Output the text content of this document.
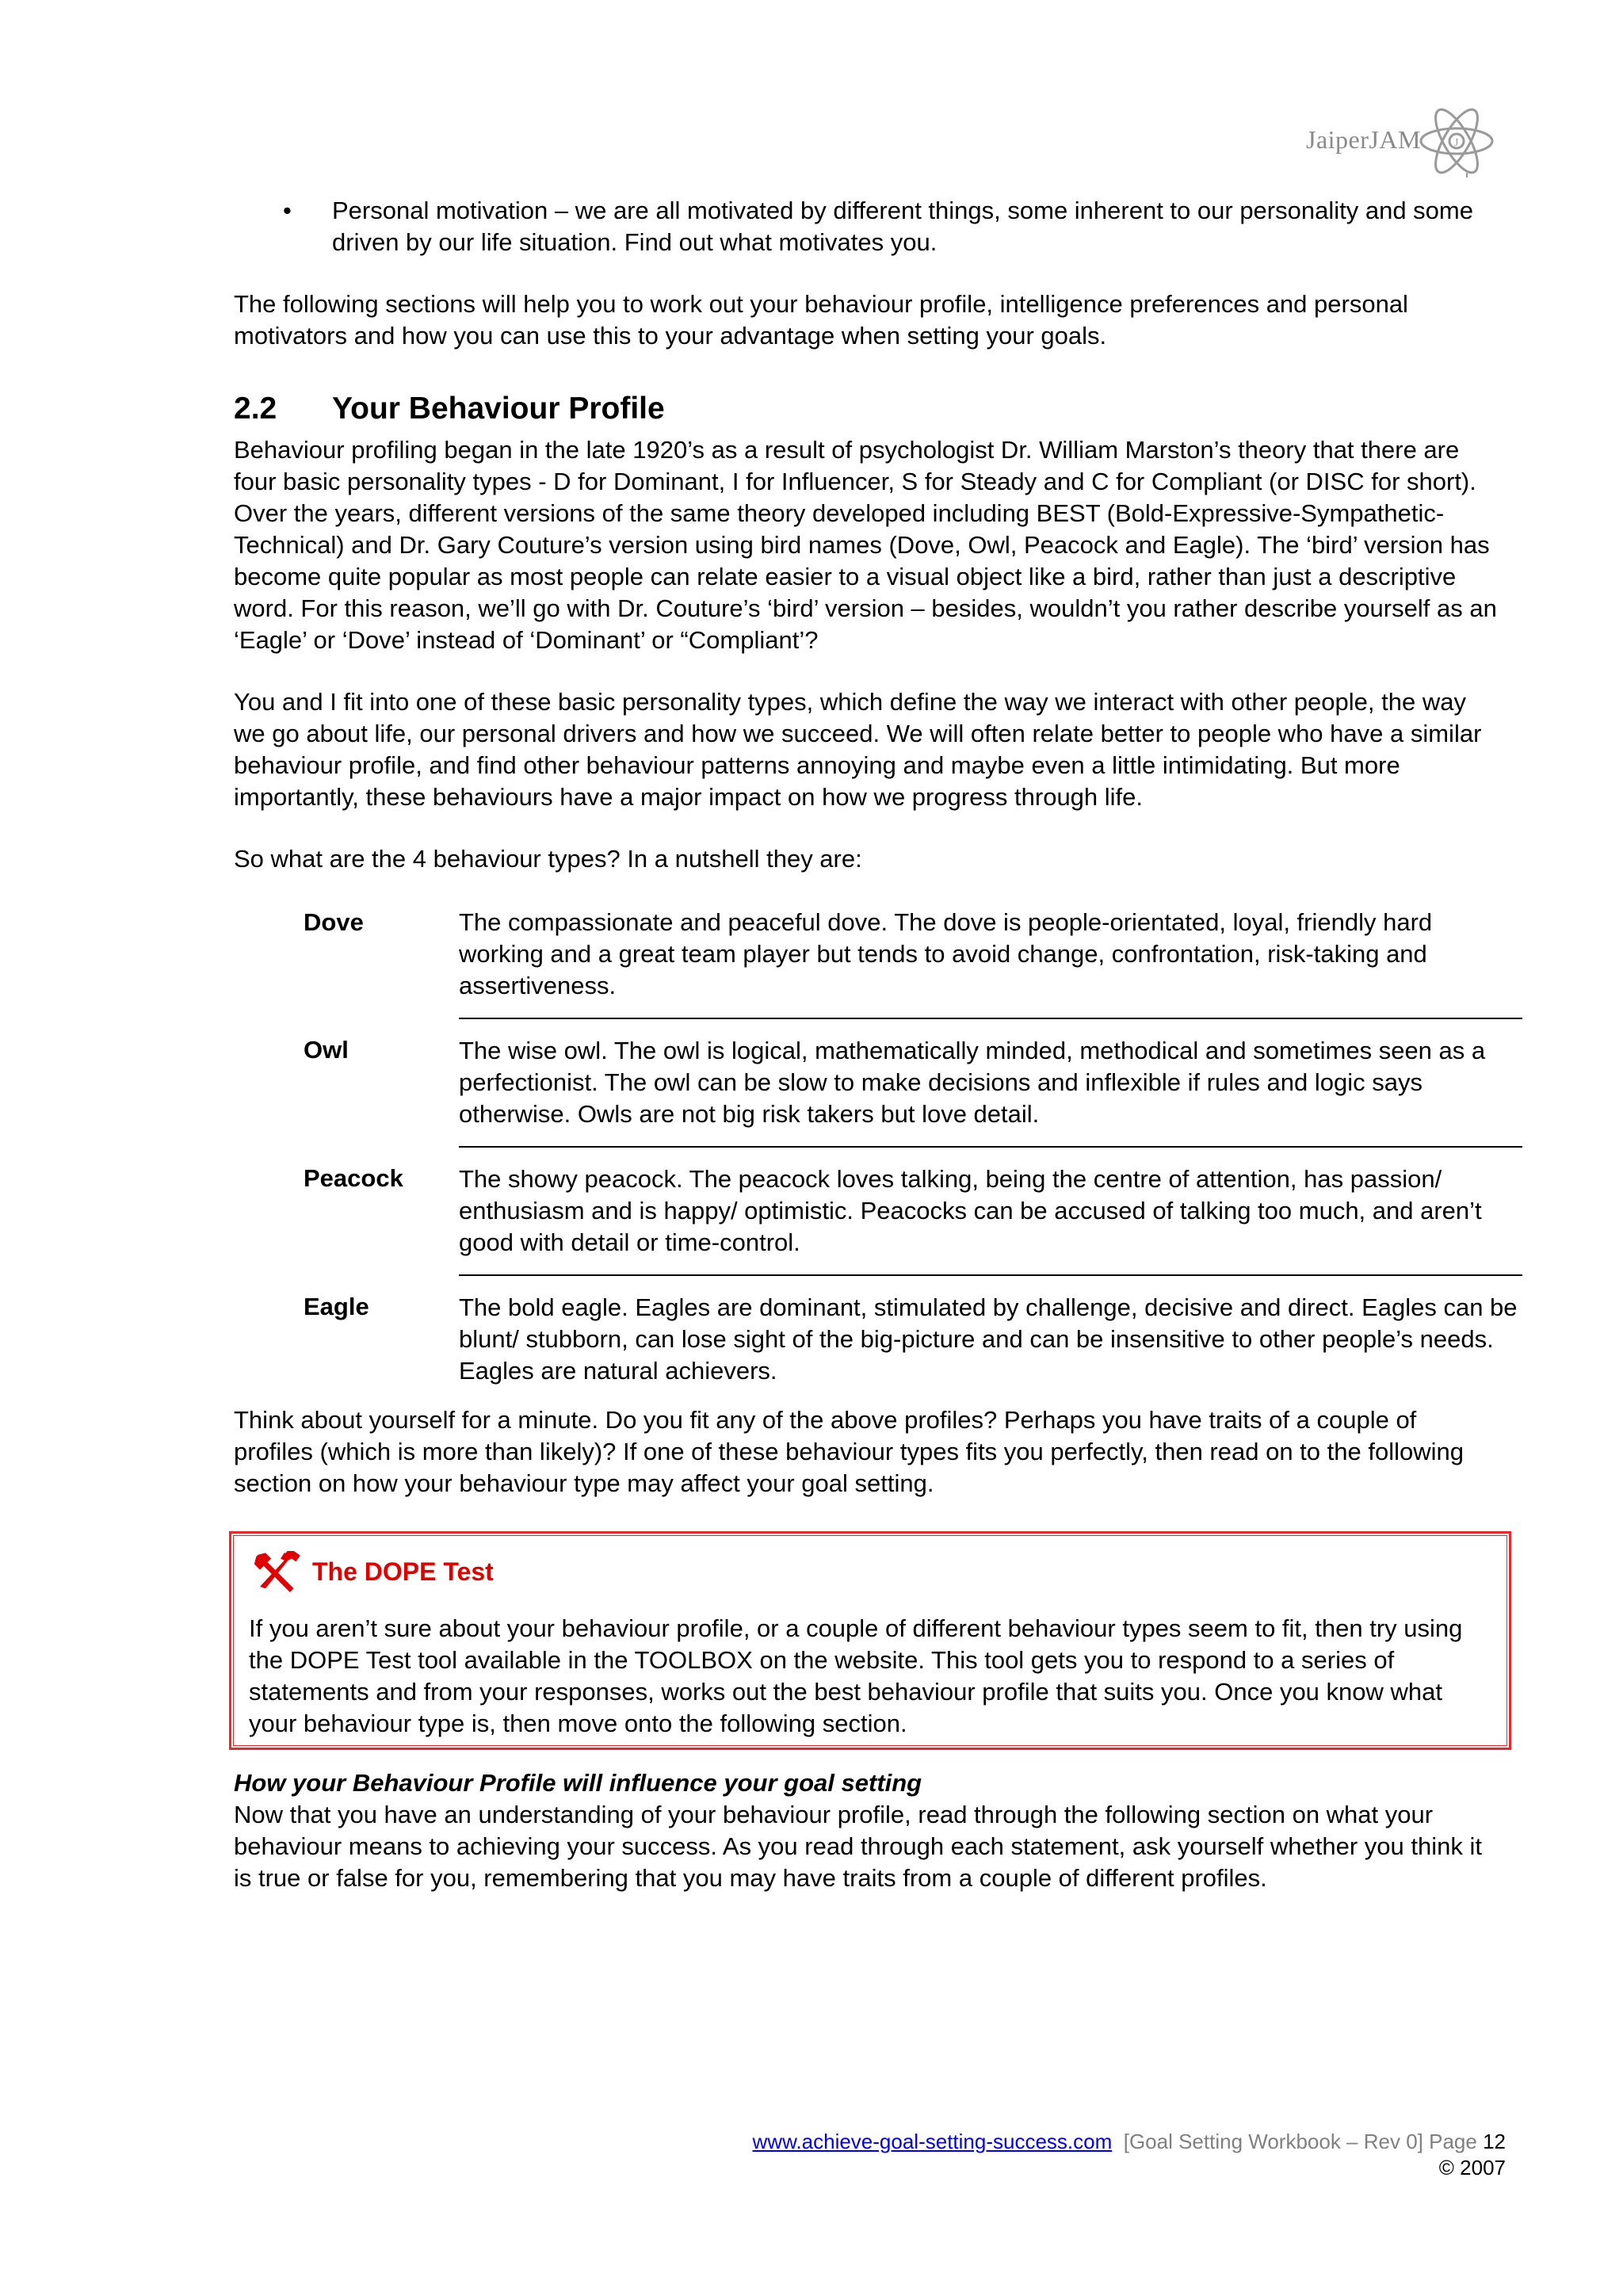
JaiperJAM	J
• Personal motivation – we are all motivated by different things, some inherent to our personality and some driven by our life situation. Find out what motivates you.

The following sections will help you to work out your behaviour profile, intelligence preferences and personal motivators and how you can use this to your advantage when setting your goals.

2.2 Your Behaviour Profile

Behaviour profiling began in the late 1920’s as a result of psychologist Dr. William Marston’s theory that there are four basic personality types - D for Dominant, I for Influencer, S for Steady and C for Compliant (or DISC for short). Over the years, different versions of the same theory developed including BEST (Bold-Expressive-Sympathetic-Technical) and Dr. Gary Couture’s version using bird names (Dove, Owl, Peacock and Eagle). The ‘bird’ version has become quite popular as most people can relate easier to a visual object like a bird, rather than just a descriptive word. For this reason, we’ll go with Dr. Couture’s ‘bird’ version – besides, wouldn’t you rather describe yourself as an ‘Eagle’ or ‘Dove’ instead of ‘Dominant’ or “Compliant’?

You and I fit into one of these basic personality types, which define the way we interact with other people, the way we go about life, our personal drivers and how we succeed. We will often relate better to people who have a similar behaviour profile, and find other behaviour patterns annoying and maybe even a little intimidating. But more importantly, these behaviours have a major impact on how we progress through life.

So what are the 4 behaviour types? In a nutshell they are:

Dove	The compassionate and peaceful dove. The dove is people-orientated, loyal, friendly hard working and a great team player but tends to avoid change, confrontation, risk-taking and assertiveness.

Owl	The wise owl. The owl is logical, mathematically minded, methodical and sometimes seen as a perfectionist. The owl can be slow to make decisions and inflexible if rules and logic says otherwise. Owls are not big risk takers but love detail.

Peacock	The showy peacock. The peacock loves talking, being the centre of attention, has passion/ enthusiasm and is happy/ optimistic. Peacocks can be accused of talking too much, and aren’t good with detail or time-control.

Eagle	The bold eagle. Eagles are dominant, stimulated by challenge, decisive and direct. Eagles can be blunt/ stubborn, can lose sight of the big-picture and can be insensitive to other people’s needs. Eagles are natural achievers.

Think about yourself for a minute. Do you fit any of the above profiles? Perhaps you have traits of a couple of profiles (which is more than likely)? If one of these behaviour types fits you perfectly, then read on to the following section on how your behaviour type may affect your goal setting.

The DOPE Test

If you aren’t sure about your behaviour profile, or a couple of different behaviour types seem to fit, then try using the DOPE Test tool available in the TOOLBOX on the website. This tool gets you to respond to a series of statements and from your responses, works out the best behaviour profile that suits you. Once you know what your behaviour type is, then move onto the following section.

How your Behaviour Profile will influence your goal setting

Now that you have an understanding of your behaviour profile, read through the following section on what your behaviour means to achieving your success. As you read through each statement, ask yourself whether you think it is true or false for you, remembering that you may have traits from a couple of different profiles.

www.achieve-goal-setting-success.com [Goal Setting Workbook – Rev 0] Page 12
© 2007
